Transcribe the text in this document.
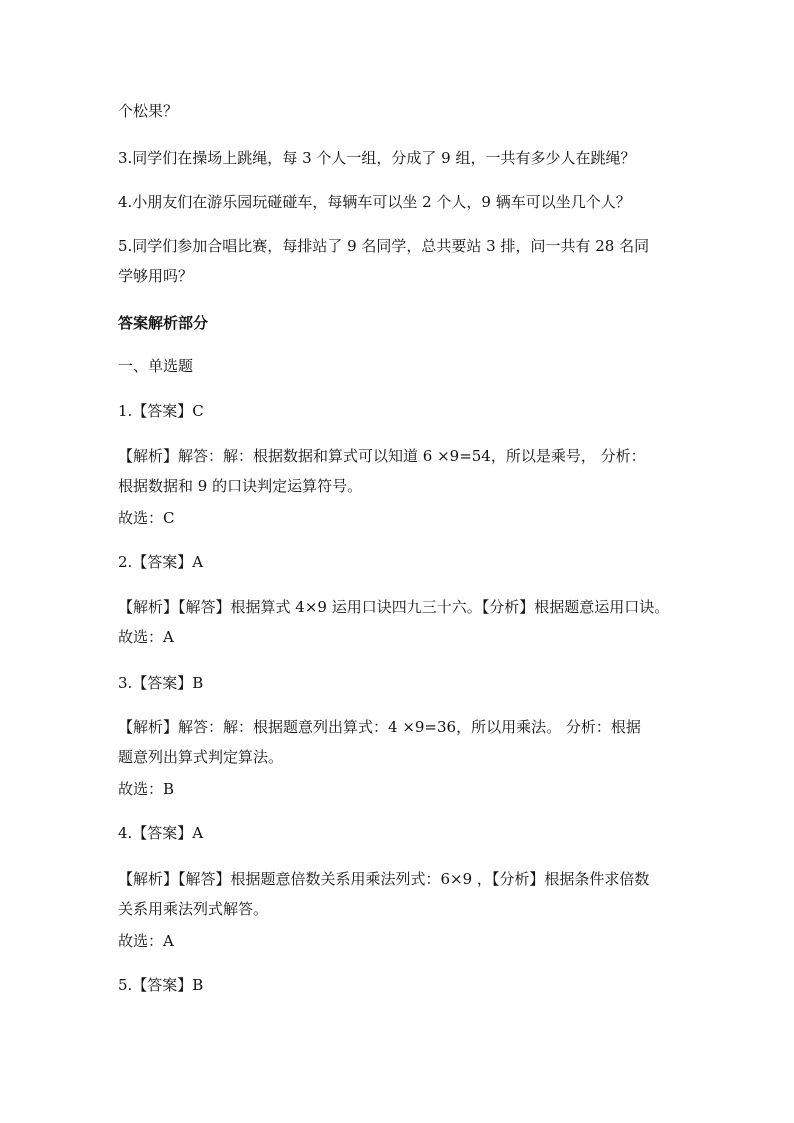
个松果？
3.同学们在操场上跳绳，每 3 个人一组，分成了 9 组，一共有多少人在跳绳？
4.小朋友们在游乐园玩碰碰车，每辆车可以坐 2 个人，9 辆车可以坐几个人？
5.同学们参加合唱比赛，每排站了 9 名同学，总共要站 3 排，问一共有 28 名同
学够用吗？
答案解析部分
一、单选题
1.【答案】C
【解析】解答：解：根据数据和算式可以知道 6 ×9=54，所以是乘号， 分析：
根据数据和 9 的口诀判定运算符号。
故选：C
2.【答案】A
【解析】【解答】根据算式 4×9 运用口诀四九三十六。【分析】根据题意运用口诀。
故选：A
3.【答案】B
【解析】解答：解：根据题意列出算式：4 ×9=36，所以用乘法。 分析：根据
题意列出算式判定算法。
故选：B
4.【答案】A
【解析】【解答】根据题意倍数关系用乘法列式：6×9 ，【分析】根据条件求倍数
关系用乘法列式解答。
故选：A
5.【答案】B
